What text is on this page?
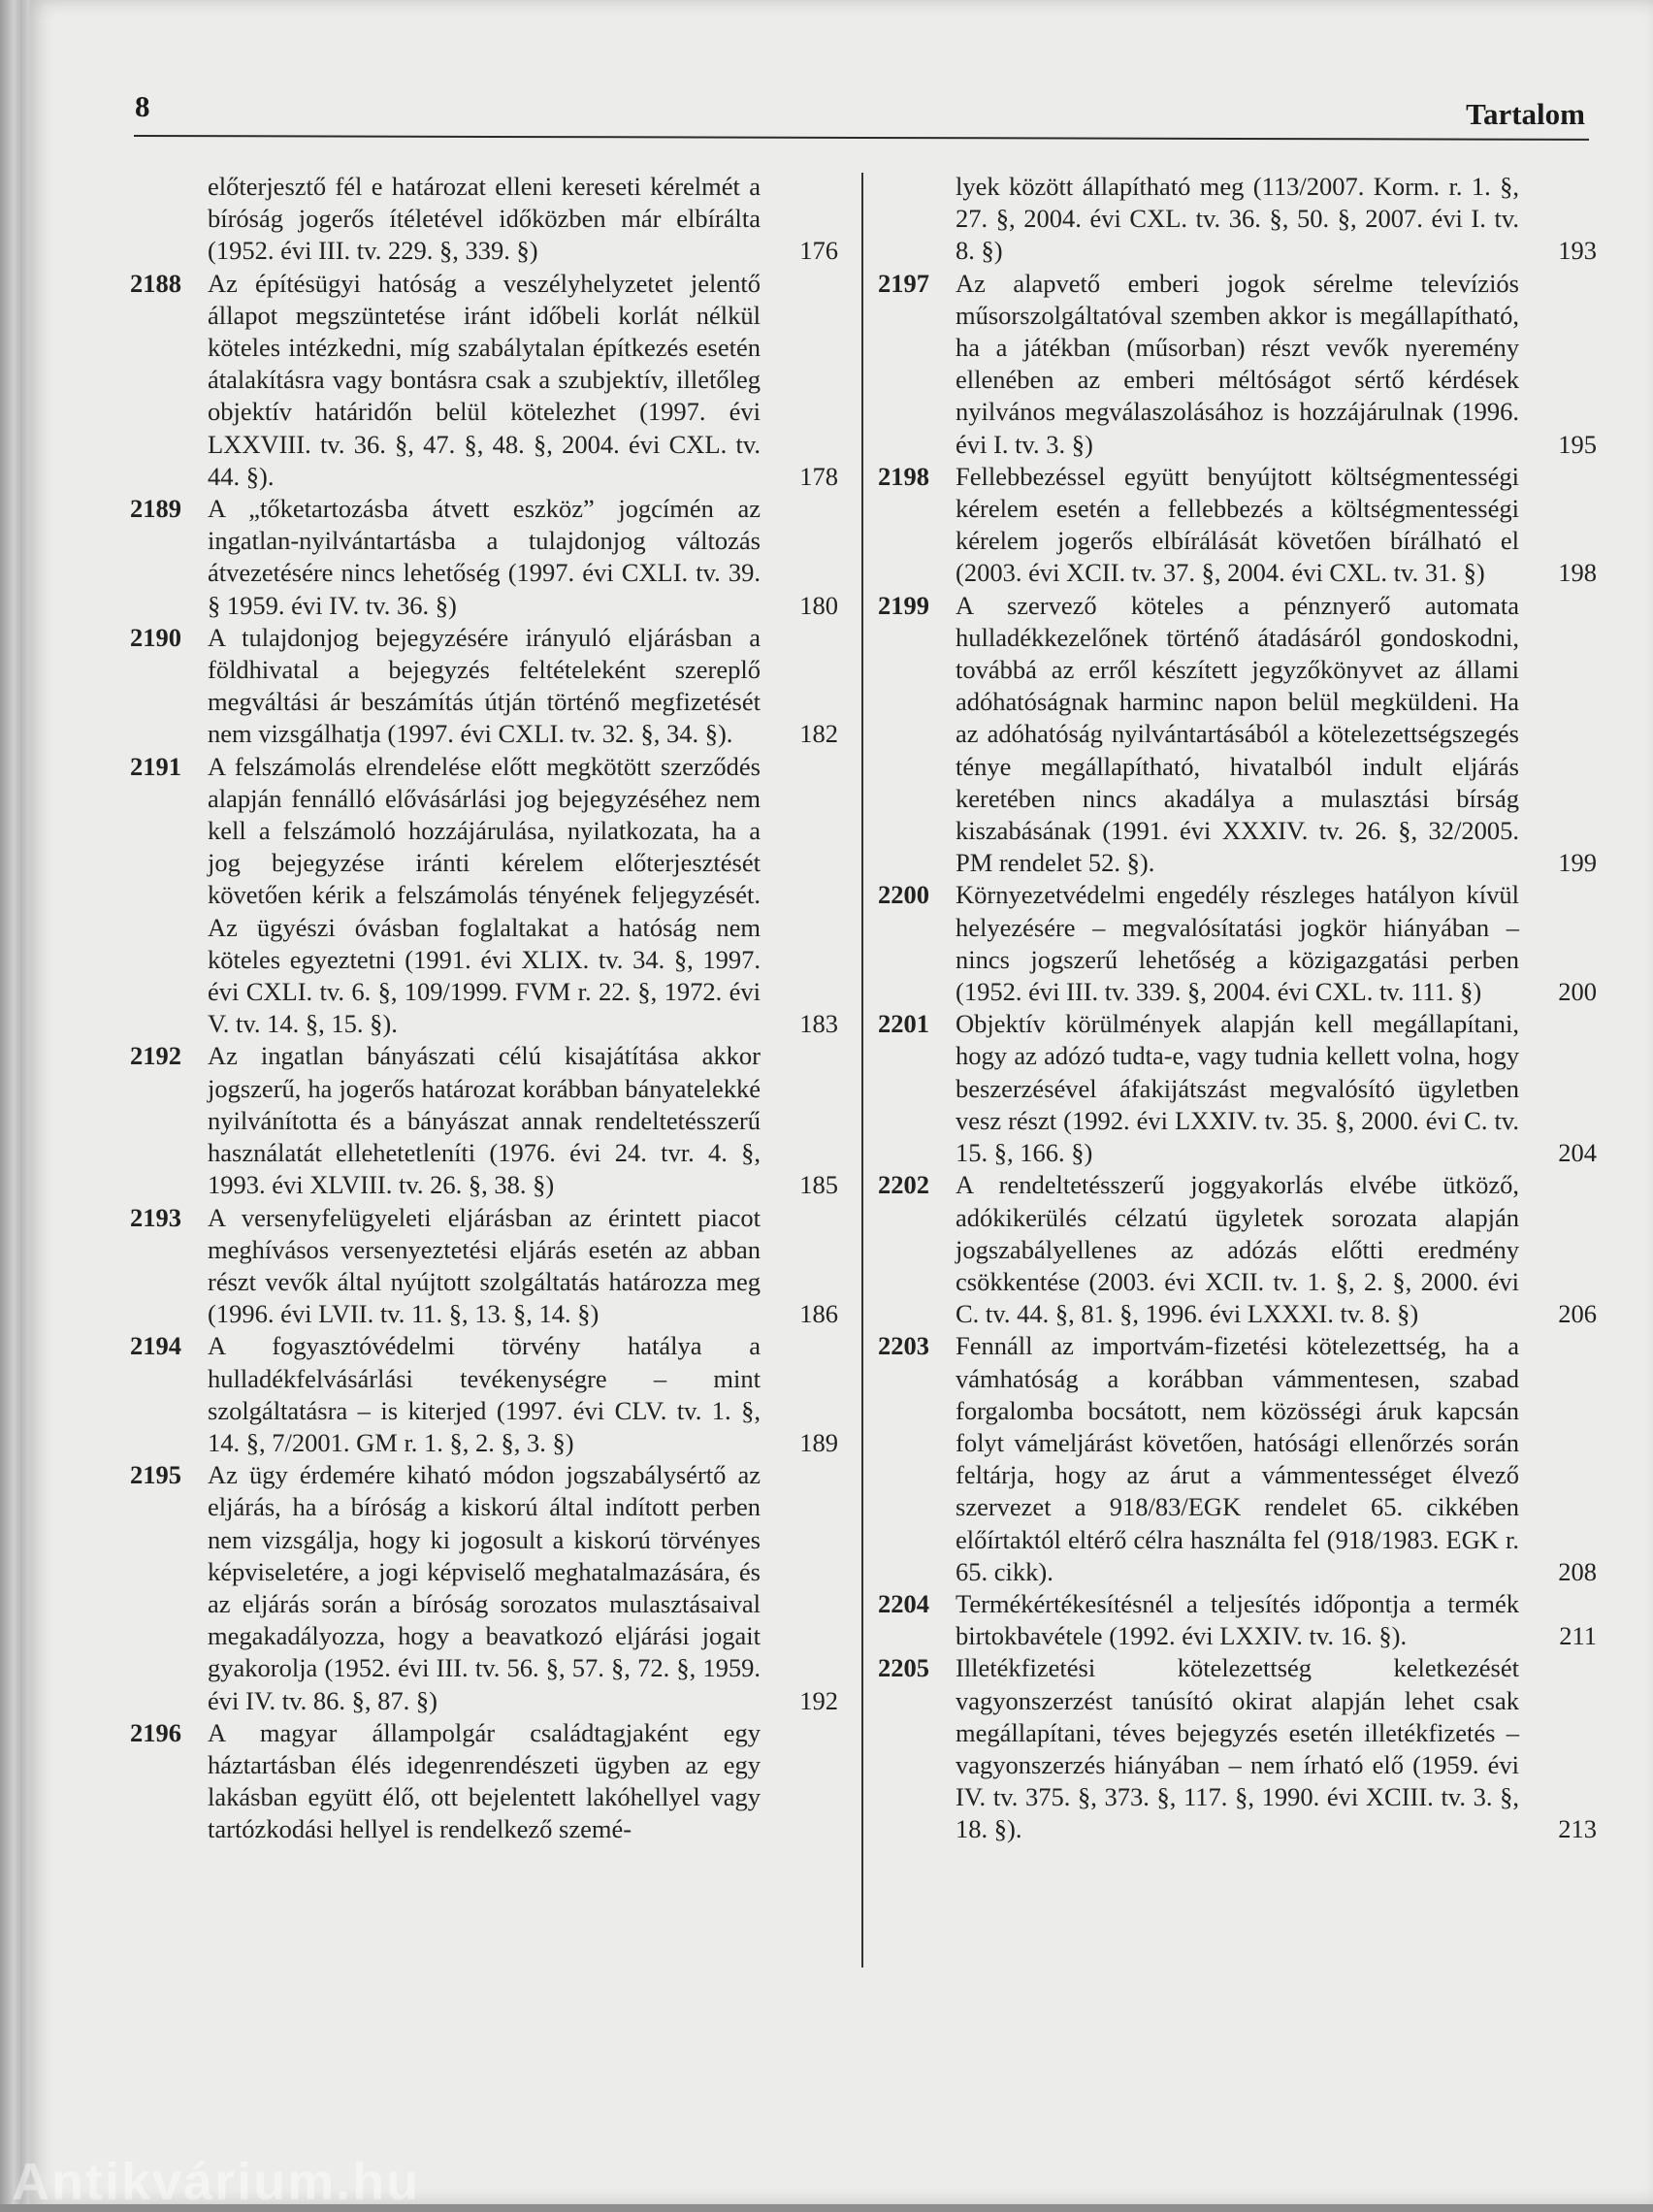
8	Tartalom
előterjesztő fél e határozat elleni kereseti kérelmét a bíróság jogerős ítéletével időközben már elbírálta (1952. évi III. tv. 229. §, 339. §)	176
2188 Az építésügyi hatóság a veszélyhelyzetet jelentő állapot megszüntetése iránt időbeli korlát nélkül köteles intézkedni, míg szabálytalan építkezés esetén átalakításra vagy bontásra csak a szubjektív, illetőleg objektív határidőn belül kötelezhet (1997. évi LXXVIII. tv. 36. §, 47. §, 48. §, 2004. évi CXL. tv. 44. §).	178
2189 A „tőketartozásba átvett eszköz” jogcímén az ingatlan-nyilvántartásba a tulajdonjog változás átvezetésére nincs lehetőség (1997. évi CXLI. tv. 39. § 1959. évi IV. tv. 36. §)	180
2190 A tulajdonjog bejegyzésére irányuló eljárásban a földhivatal a bejegyzés feltételeként szereplő megváltási ár beszámítás útján történő megfizetését nem vizsgálhatja (1997. évi CXLI. tv. 32. §, 34. §).	182
2191 A felszámolás elrendelése előtt megkötött szerződés alapján fennálló elővásárlási jog bejegyzéséhez nem kell a felszámoló hozzájárulása, nyilatkozata, ha a jog bejegyzése iránti kérelem előterjesztését követően kérik a felszámolás tényének feljegyzését. Az ügyészi óvásban foglaltakat a hatóság nem köteles egyeztetni (1991. évi XLIX. tv. 34. §, 1997. évi CXLI. tv. 6. §, 109/1999. FVM r. 22. §, 1972. évi V. tv. 14. §, 15. §).	183
2192 Az ingatlan bányászati célú kisajátítása akkor jogszerű, ha jogerős határozat korábban bányatelekké nyilvánította és a bányászat annak rendeltetésszerű használatát ellehetetleníti (1976. évi 24. tvr. 4. §, 1993. évi XLVIII. tv. 26. §, 38. §)	185
2193 A versenyfelügyeleti eljárásban az érintett piacot meghívásos versenyeztetési eljárás esetén az abban részt vevők által nyújtott szolgáltatás határozza meg (1996. évi LVII. tv. 11. §, 13. §, 14. §)	186
2194 A fogyasztóvédelmi törvény hatálya a hulladékfelvásárlási tevékenységre – mint szolgáltatásra – is kiterjed (1997. évi CLV. tv. 1. §, 14. §, 7/2001. GM r. 1. §, 2. §, 3. §)	189
2195 Az ügy érdemére kiható módon jogszabálysértő az eljárás, ha a bíróság a kiskorú által indított perben nem vizsgálja, hogy ki jogosult a kiskorú törvényes képviseletére, a jogi képviselő meghatalmazására, és az eljárás során a bíróság sorozatos mulasztásaival megakadályozza, hogy a beavatkozó eljárási jogait gyakorolja (1952. évi III. tv. 56. §, 57. §, 72. §, 1959. évi IV. tv. 86. §, 87. §)	192
2196 A magyar állampolgár családtagjaként egy háztartásban élés idegenrendészeti ügyben az egy lakásban együtt élő, ott bejelentett lakóhellyel vagy tartózkodási hellyel is rendelkező szemé-
lyek között állapítható meg (113/2007. Korm. r. 1. §, 27. §, 2004. évi CXL. tv. 36. §, 50. §, 2007. évi I. tv. 8. §)	193
2197 Az alapvető emberi jogok sérelme televíziós műsorszolgáltatóval szemben akkor is megállapítható, ha a játékban (műsorban) részt vevők nyeremény ellenében az emberi méltóságot sértő kérdések nyilvános megválaszolásához is hozzájárulnak (1996. évi I. tv. 3. §)	195
2198 Fellebbezéssel együtt benyújtott költségmentességi kérelem esetén a fellebbezés a költségmentességi kérelem jogerős elbírálását követően bírálható el (2003. évi XCII. tv. 37. §, 2004. évi CXL. tv. 31. §)	198
2199 A szervező köteles a pénznyerő automata hulladékkezelőnek történő átadásáról gondoskodni, továbbá az erről készített jegyzőkönyvet az állami adóhatóságnak harminc napon belül megküldeni. Ha az adóhatóság nyilvántartásából a kötelezettségszegés ténye megállapítható, hivatalból indult eljárás keretében nincs akadálya a mulasztási bírság kiszabásának (1991. évi XXXIV. tv. 26. §, 32/2005. PM rendelet 52. §).	199
2200 Környezetvédelmi engedély részleges hatályon kívül helyezésére – megvalósítatási jogkör hiányában – nincs jogszerű lehetőség a közigazgatási perben (1952. évi III. tv. 339. §, 2004. évi CXL. tv. 111. §)	200
2201 Objektív körülmények alapján kell megállapítani, hogy az adózó tudta-e, vagy tudnia kellett volna, hogy beszerzésével áfakijátszást megvalósító ügyletben vesz részt (1992. évi LXXIV. tv. 35. §, 2000. évi C. tv. 15. §, 166. §)	204
2202 A rendeltetésszerű joggyakorlás elvébe ütköző, adókikerülés célzatú ügyletek sorozata alapján jogszabályellenes az adózás előtti eredmény csökkentése (2003. évi XCII. tv. 1. §, 2. §, 2000. évi C. tv. 44. §, 81. §, 1996. évi LXXXI. tv. 8. §)	206
2203 Fennáll az importvám-fizetési kötelezettség, ha a vámhatóság a korábban vámmentesen, szabad forgalomba bocsátott, nem közösségi áruk kapcsán folyt vámeljárást követően, hatósági ellenőrzés során feltárja, hogy az árut a vámmentességet élvező szervezet a 918/83/EGK rendelet 65. cikkében előírtaktól eltérő célra használta fel (918/1983. EGK r. 65. cikk).	208
2204 Termékértékesítésnél a teljesítés időpontja a termék birtokbavétele (1992. évi LXXIV. tv. 16. §).	211
2205 Illetékfizetési kötelezettség keletkezését vagyonszerzést tanúsító okirat alapján lehet csak megállapítani, téves bejegyzés esetén illetékfizetés – vagyonszerzés hiányában – nem írható elő (1959. évi IV. tv. 375. §, 373. §, 117. §, 1990. évi XCIII. tv. 3. §, 18. §).	213
Antikvárium.hu
